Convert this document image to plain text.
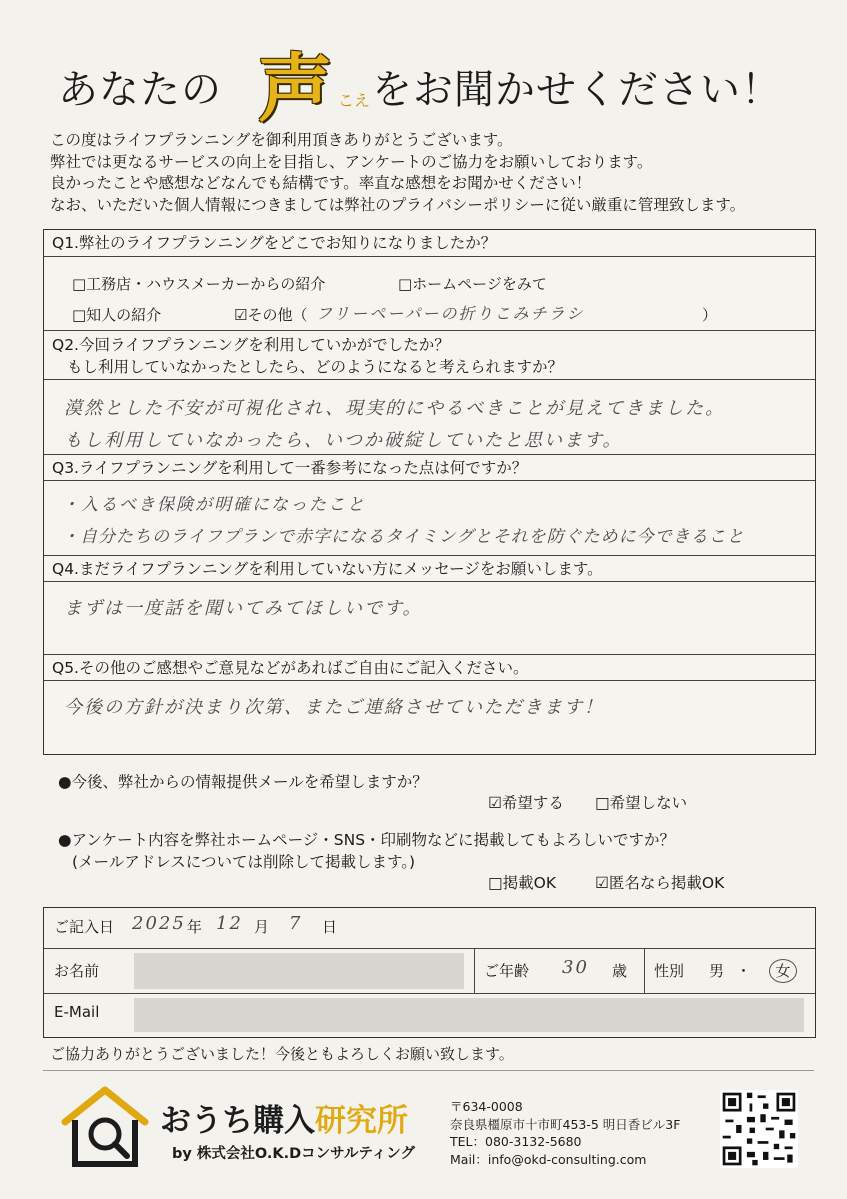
あなたの 声 こえ をお聞かせください！
この度はライフプランニングを御利用頂きありがとうございます。
弊社では更なるサービスの向上を目指し、アンケートのご協力をお願いしております。
良かったことや感想などなんでも結構です。率直な感想をお聞かせください！
なお、いただいた個人情報につきましては弊社のプライバシーポリシーに従い厳重に管理致します。
Q1.弊社のライフプランニングをどこでお知りになりましたか？
□工務店・ハウスメーカーからの紹介	□ホームページをみて
□知人の紹介	☑その他（ フリーペーパーの折りこみチラシ	）
Q2.今回ライフプランニングを利用していかがでしたか？
もし利用していなかったとしたら、どのようになると考えられますか？
漠然とした不安が可視化され、現実的にやるべきことが見えてきました。
もし利用していなかったら、いつか破綻していたと思います。
Q3.ライフプランニングを利用して一番参考になった点は何ですか？
・入るべき保険が明確になったこと
・自分たちのライフプランで赤字になるタイミングとそれを防ぐために今できること
Q4.まだライフプランニングを利用していない方にメッセージをお願いします。
まずは一度話を聞いてみてほしいです。
Q5.その他のご感想やご意見などがあればご自由にご記入ください。
今後の方針が決まり次第、またご連絡させていただきます！
●今後、弊社からの情報提供メールを希望しますか？
☑希望する □希望しない
●アンケート内容を弊社ホームページ・SNS・印刷物などに掲載してもよろしいですか？
(メールアドレスについては削除して掲載します。)
□掲載OK	☑匿名なら掲載OK
ご記入日 2025 年 12 月 7 日
お名前	ご年齢 30 歳 性別 男 ・	女
E-Mail
ご協力ありがとうございました！今後ともよろしくお願い致します。
おうち購入研究所
by 株式会社O.K.Dコンサルティング
〒634-0008
奈良県橿原市十市町453-5 明日香ビル3F
TEL：080-3132-5680
Mail：info@okd-consulting.com
